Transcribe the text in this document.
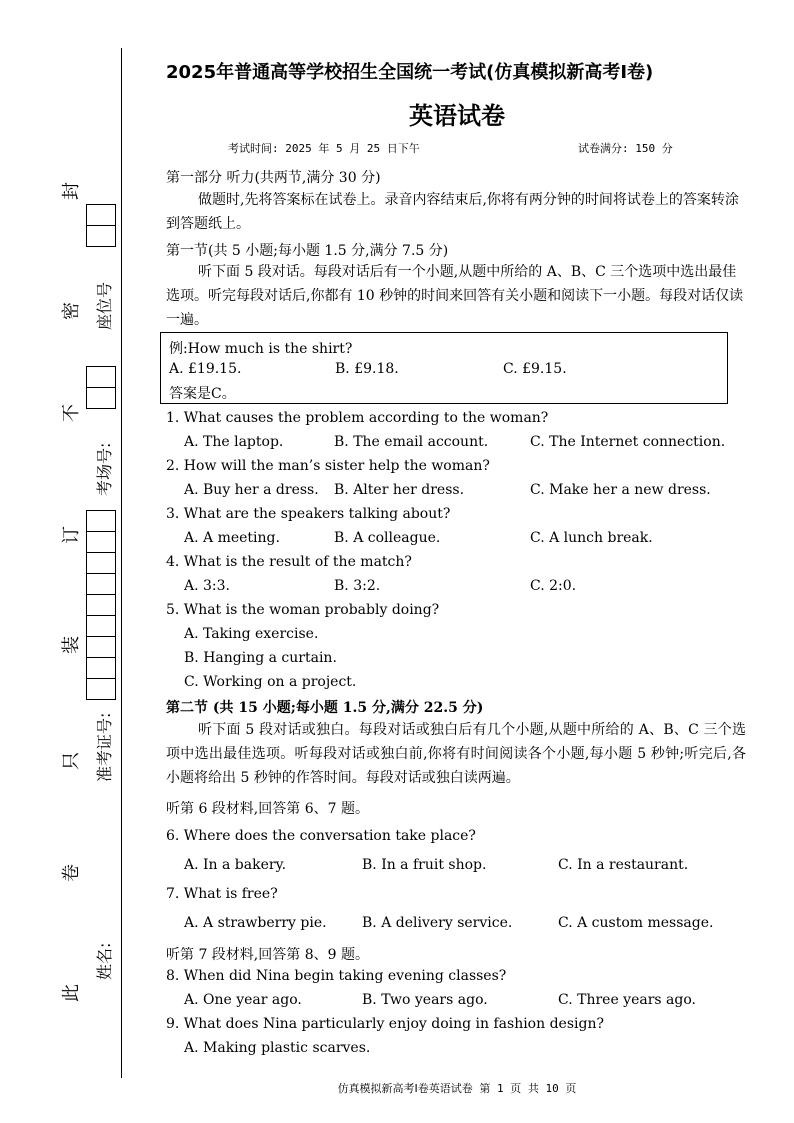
封
密
不
订
装
只
卷
此
座位号
考场号:
准考证号:
姓名:
2025年普通高等学校招生全国统一考试(仿真模拟新高考Ⅰ卷)
英语试卷
考试时间: 2025 年 5 月 25 日下午	试卷满分: 150 分
第一部分 听力(共两节,满分 30 分)
做题时,先将答案标在试卷上。录音内容结束后,你将有两分钟的时间将试卷上的答案转涂到答题纸上。
第一节(共 5 小题;每小题 1.5 分,满分 7.5 分)
听下面 5 段对话。每段对话后有一个小题,从题中所给的 A、B、C 三个选项中选出最佳选项。听完每段对话后,你都有 10 秒钟的时间来回答有关小题和阅读下一小题。每段对话仅读一遍。
例:How much is the shirt?
A. £19.15.	B. £9.18.	C. £9.15.
答案是C。
1. What causes the problem according to the woman?
A. The laptop.	B. The email account.	C. The Internet connection.
2. How will the man’s sister help the woman?
A. Buy her a dress. B. Alter her dress.	C. Make her a new dress.
3. What are the speakers talking about?
A. A meeting.	B. A colleague.	C. A lunch break.
4. What is the result of the match?
A. 3:3.	B. 3:2.	C. 2:0.
5. What is the woman probably doing?
A. Taking exercise.
B. Hanging a curtain.
C. Working on a project.
第二节 (共 15 小题;每小题 1.5 分,满分 22.5 分)
听下面 5 段对话或独白。每段对话或独白后有几个小题,从题中所给的 A、B、C 三个选项中选出最佳选项。听每段对话或独白前,你将有时间阅读各个小题,每小题 5 秒钟;听完后,各小题将给出 5 秒钟的作答时间。每段对话或独白读两遍。
听第 6 段材料,回答第 6、7 题。
6. Where does the conversation take place?
A. In a bakery.	B. In a fruit shop.	C. In a restaurant.
7. What is free?
A. A strawberry pie.	B. A delivery service.	C. A custom message.
听第 7 段材料,回答第 8、9 题。
8. When did Nina begin taking evening classes?
A. One year ago.	B. Two years ago.	C. Three years ago.
9. What does Nina particularly enjoy doing in fashion design?
A. Making plastic scarves.
仿真模拟新高考Ⅰ卷英语试卷 第 1 页 共 10 页
